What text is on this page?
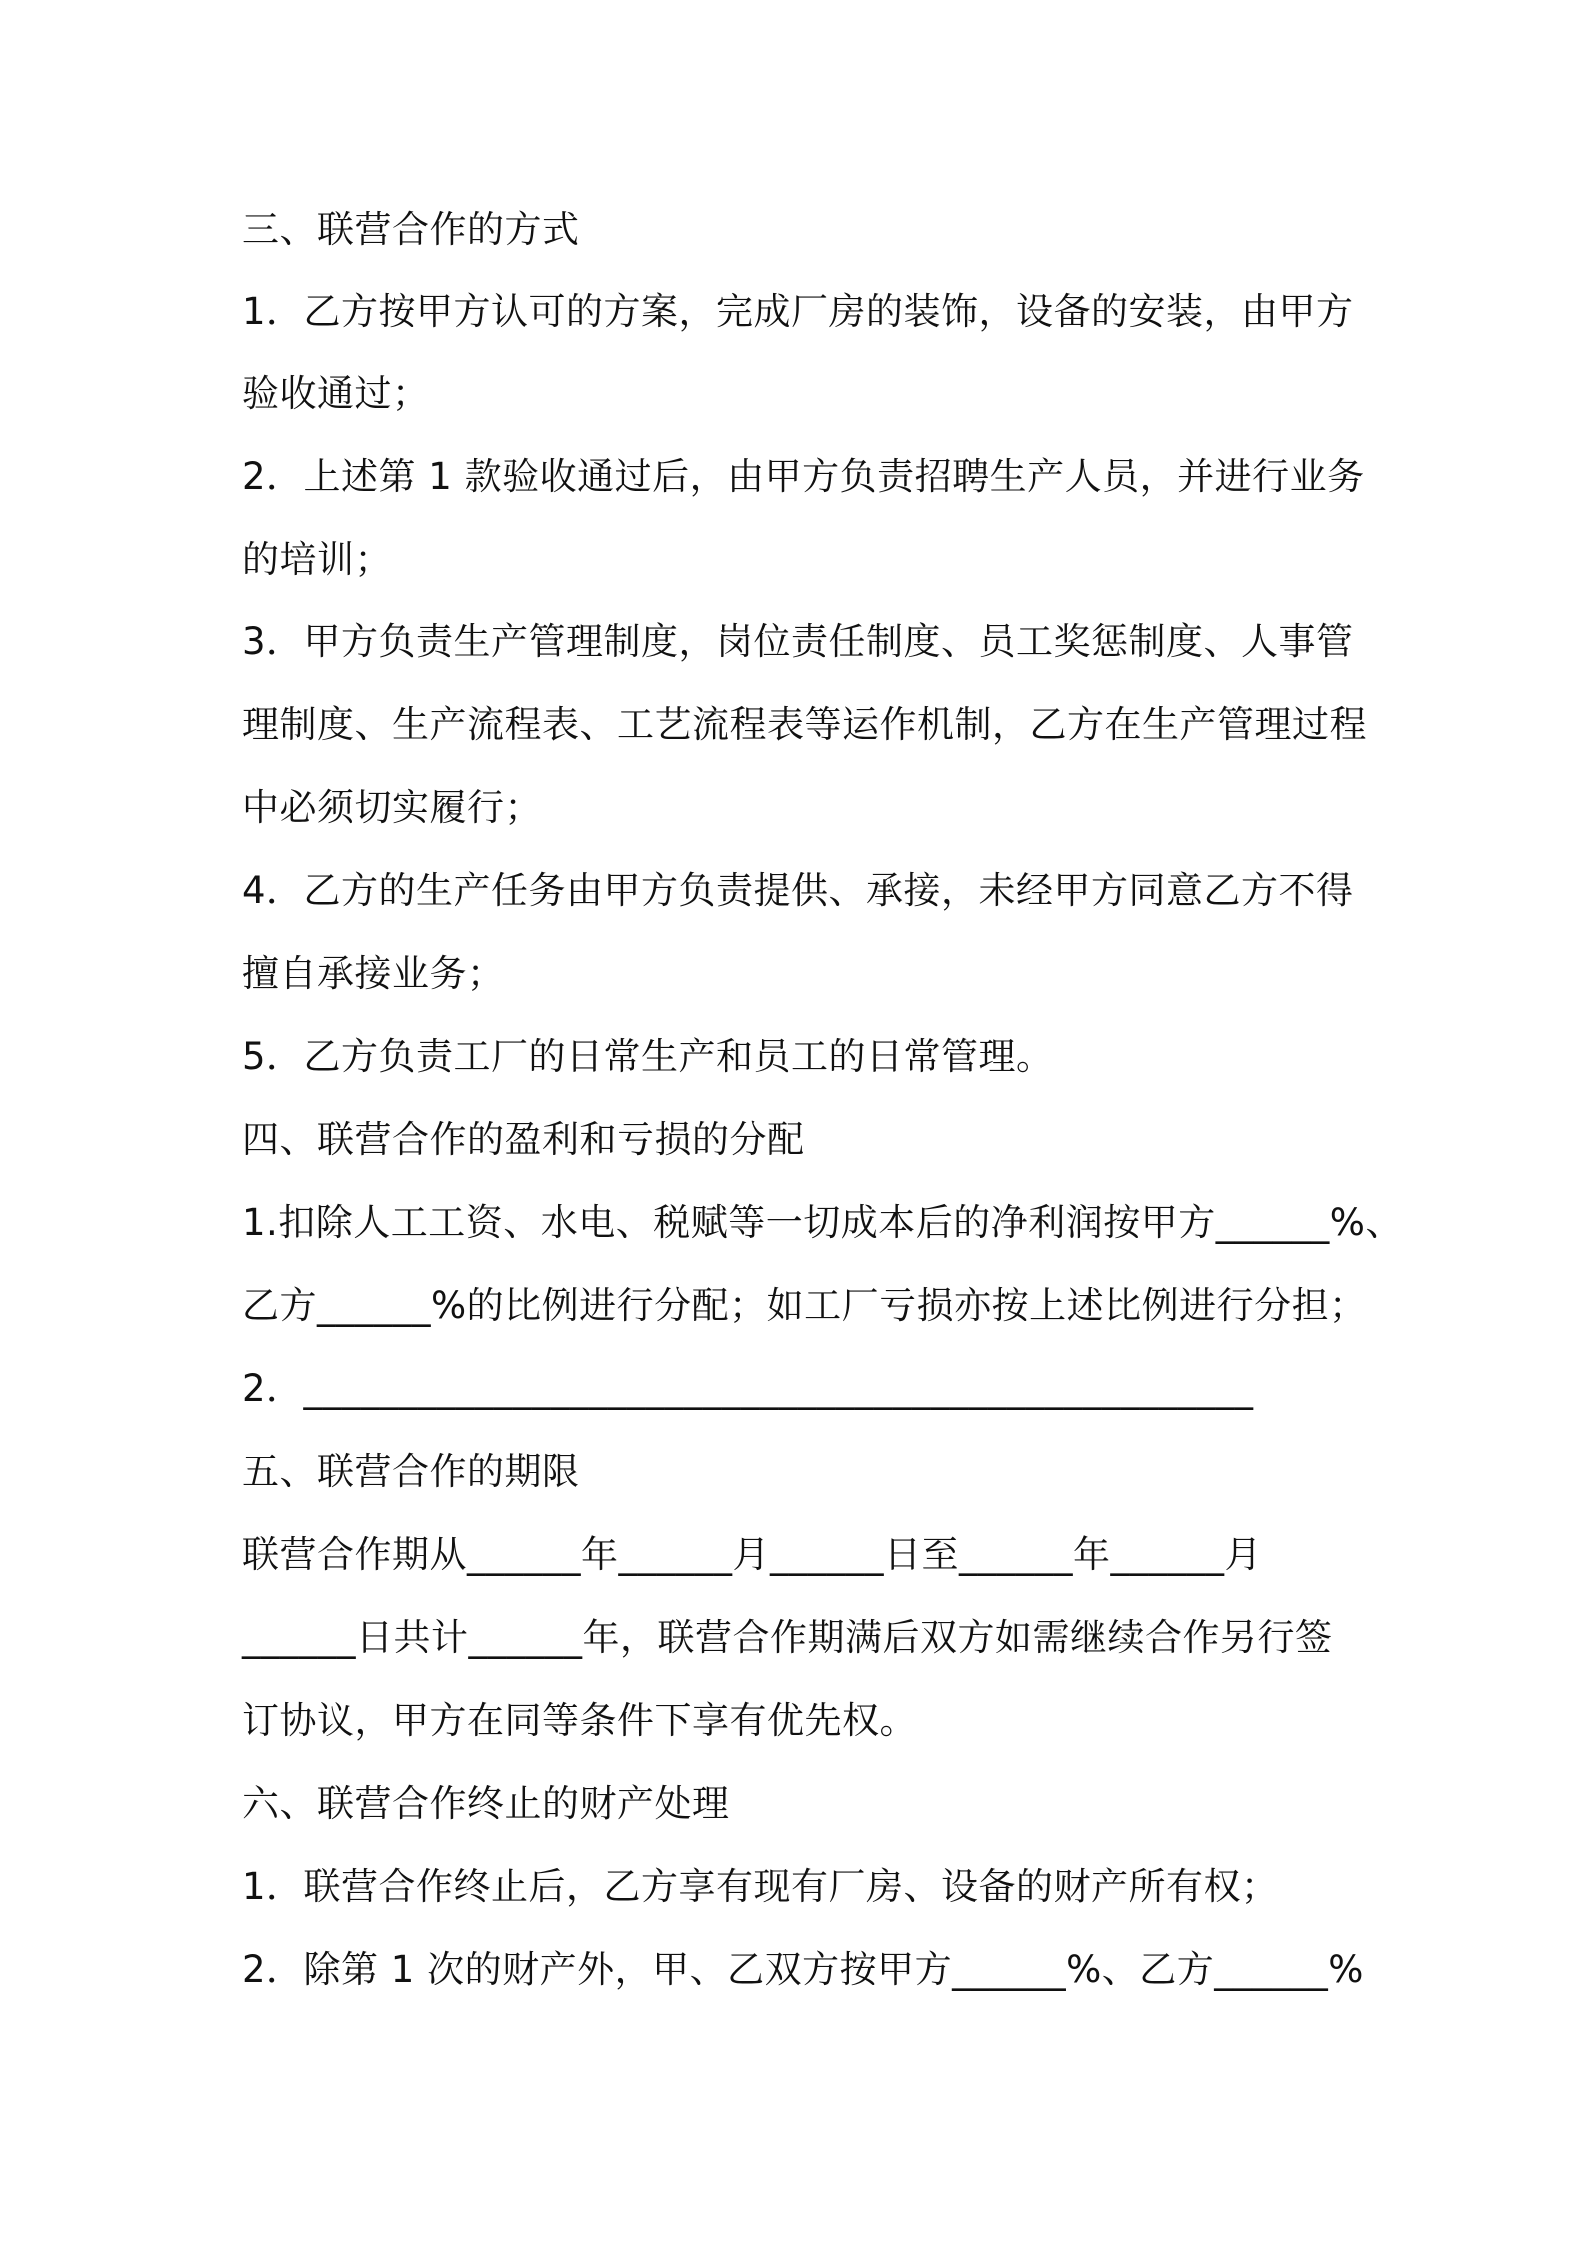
三、联营合作的方式
1．乙方按甲方认可的方案，完成厂房的装饰，设备的安装，由甲方
验收通过；
2．上述第 1 款验收通过后，由甲方负责招聘生产人员，并进行业务
的培训；
3．甲方负责生产管理制度，岗位责任制度、员工奖惩制度、人事管
理制度、生产流程表、工艺流程表等运作机制，乙方在生产管理过程
中必须切实履行；
4．乙方的生产任务由甲方负责提供、承接，未经甲方同意乙方不得
擅自承接业务；
5．乙方负责工厂的日常生产和员工的日常管理。
四、联营合作的盈利和亏损的分配
1.扣除人工工资、水电、税赋等一切成本后的净利润按甲方______%、
乙方______%的比例进行分配；如工厂亏损亦按上述比例进行分担；
2．__________________________________________________
五、联营合作的期限
联营合作期从______年______月______日至______年______月
______日共计______年，联营合作期满后双方如需继续合作另行签
订协议，甲方在同等条件下享有优先权。
六、联营合作终止的财产处理
1．联营合作终止后，乙方享有现有厂房、设备的财产所有权；
2．除第 1 次的财产外，甲、乙双方按甲方______%、乙方______%
